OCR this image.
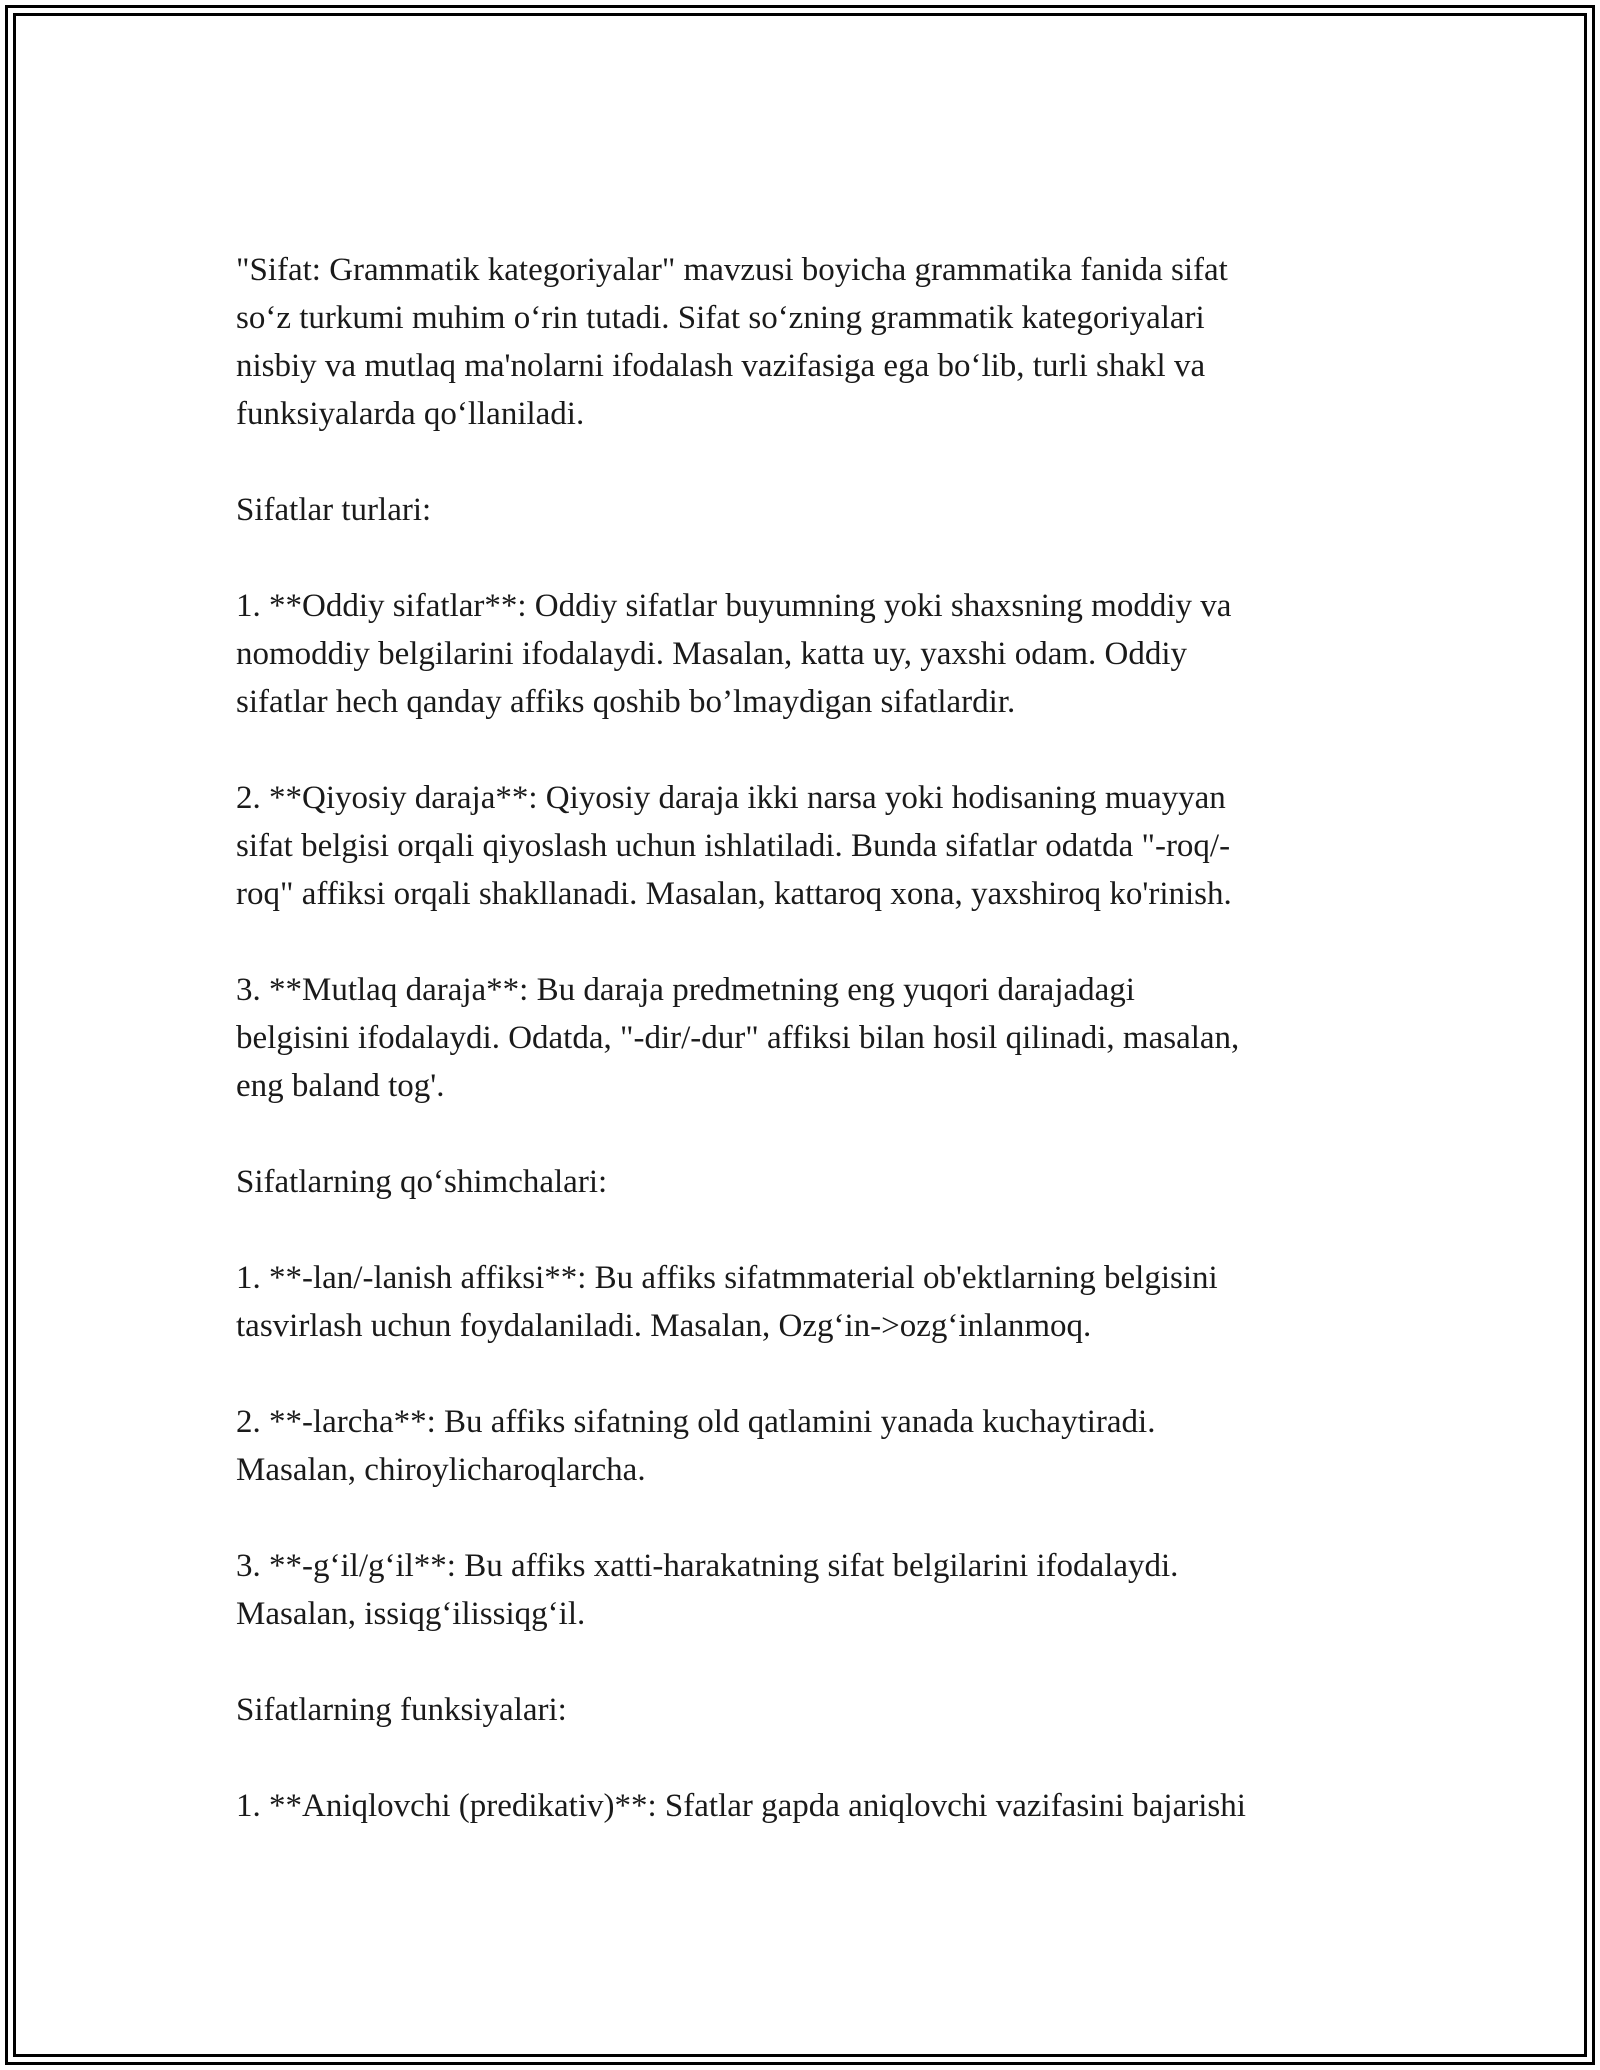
"Sifat: Grammatik kategoriyalar" mavzusi boyicha grammatika fanida sifat
so‘z turkumi muhim o‘rin tutadi. Sifat so‘zning grammatik kategoriyalari
nisbiy va mutlaq ma'nolarni ifodalash vazifasiga ega bo‘lib, turli shakl va
funksiyalarda qo‘llaniladi.

Sifatlar turlari:

1. **Oddiy sifatlar**: Oddiy sifatlar buyumning yoki shaxsning moddiy va
nomoddiy belgilarini ifodalaydi. Masalan, katta uy, yaxshi odam. Oddiy
sifatlar hech qanday affiks qoshib bo’lmaydigan sifatlardir.

2. **Qiyosiy daraja**: Qiyosiy daraja ikki narsa yoki hodisaning muayyan
sifat belgisi orqali qiyoslash uchun ishlatiladi. Bunda sifatlar odatda "-roq/-
roq" affiksi orqali shakllanadi. Masalan, kattaroq xona, yaxshiroq ko'rinish.

3. **Mutlaq daraja**: Bu daraja predmetning eng yuqori darajadagi
belgisini ifodalaydi. Odatda, "-dir/-dur" affiksi bilan hosil qilinadi, masalan,
eng baland tog'.

Sifatlarning qo‘shimchalari:

1. **-lan/-lanish affiksi**: Bu affiks sifatmmaterial ob'ektlarning belgisini
tasvirlash uchun foydalaniladi. Masalan, Ozg‘in->ozg‘inlanmoq.

2. **-larcha**: Bu affiks sifatning old qatlamini yanada kuchaytiradi.
Masalan, chiroylicharoqlarcha.

3. **-g‘il/g‘il**: Bu affiks xatti-harakatning sifat belgilarini ifodalaydi.
Masalan, issiqg‘ilissiqg‘il.

Sifatlarning funksiyalari:

1. **Aniqlovchi (predikativ)**: Sfatlar gapda aniqlovchi vazifasini bajarishi
